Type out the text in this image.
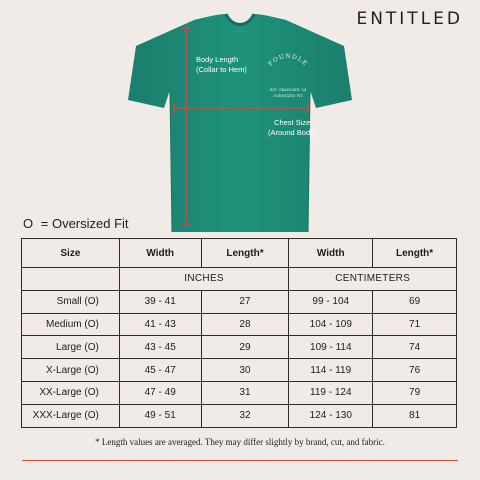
ENTITLED
FOUNDLE
EST. GRADUATE ’24
OVERSIZED FIT
Body Length
(Collar to Hem)
Chest Size
(Around Body)
O = Oversized Fit
Size	Width	Length*	Width	Length*
	INCHES		CENTIMETERS	
Small (O)	39 - 41	27	99 - 104	69
Medium (O)	41 - 43	28	104 - 109	71
Large (O)	43 - 45	29	109 - 114	74
X-Large (O)	45 - 47	30	114 - 119	76
XX-Large (O)	47 - 49	31	119 - 124	79
XXX-Large (O)	49 - 51	32	124 - 130	81
* Length values are averaged. They may differ slightly by brand, cut, and fabric.
